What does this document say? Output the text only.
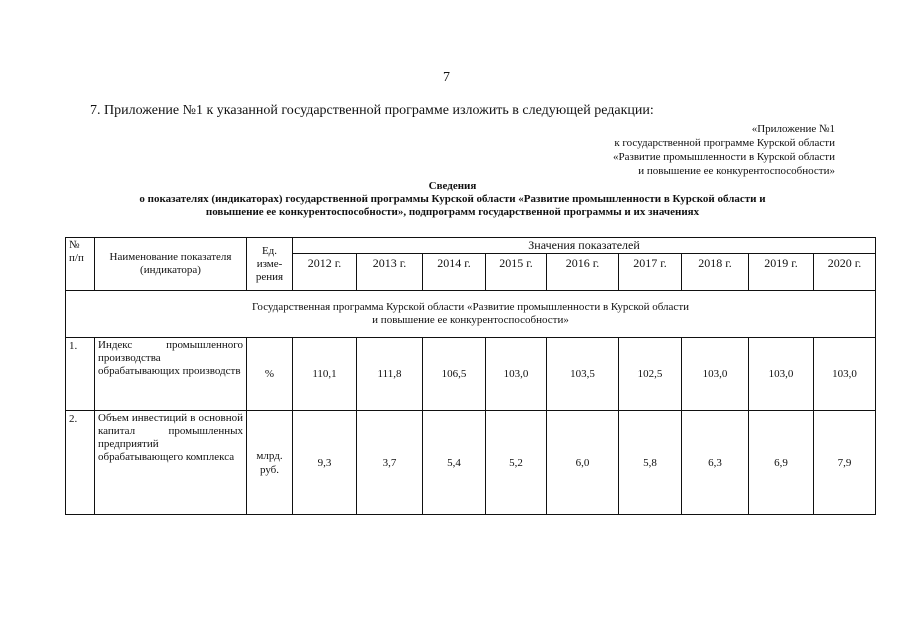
7
7. Приложение №1 к указанной государственной программе изложить в следующей редакции:
«Приложение №1
к государственной программе Курской области
«Развитие промышленности в Курской области
и повышение ее конкурентоспособности»
Сведения
о показателях (индикаторах) государственной программы Курской области «Развитие промышленности в Курской области и
повышение ее конкурентоспособности», подпрограмм государственной программы и их значениях
№ п/п	Наименование показателя (индикатора)	Ед. изме-рения	Значения показателей								
			2012 г.	2013 г.	2014 г.	2015 г.	2016 г.	2017 г.	2018 г.	2019 г.	2020 г.

Государственная программа Курской области «Развитие промышленности в Курской области
и повышение ее конкурентоспособности»											

1.	Индекс промышленного производства обрабатывающих производств	%	110,1	111,8	106,5	103,0	103,5	102,5	103,0	103,0	103,0
2.	Объем инвестиций в основной капитал промышленных предприятий обрабатывающего комплекса	млрд. руб.	9,3	3,7	5,4	5,2	6,0	5,8	6,3	6,9	7,9
